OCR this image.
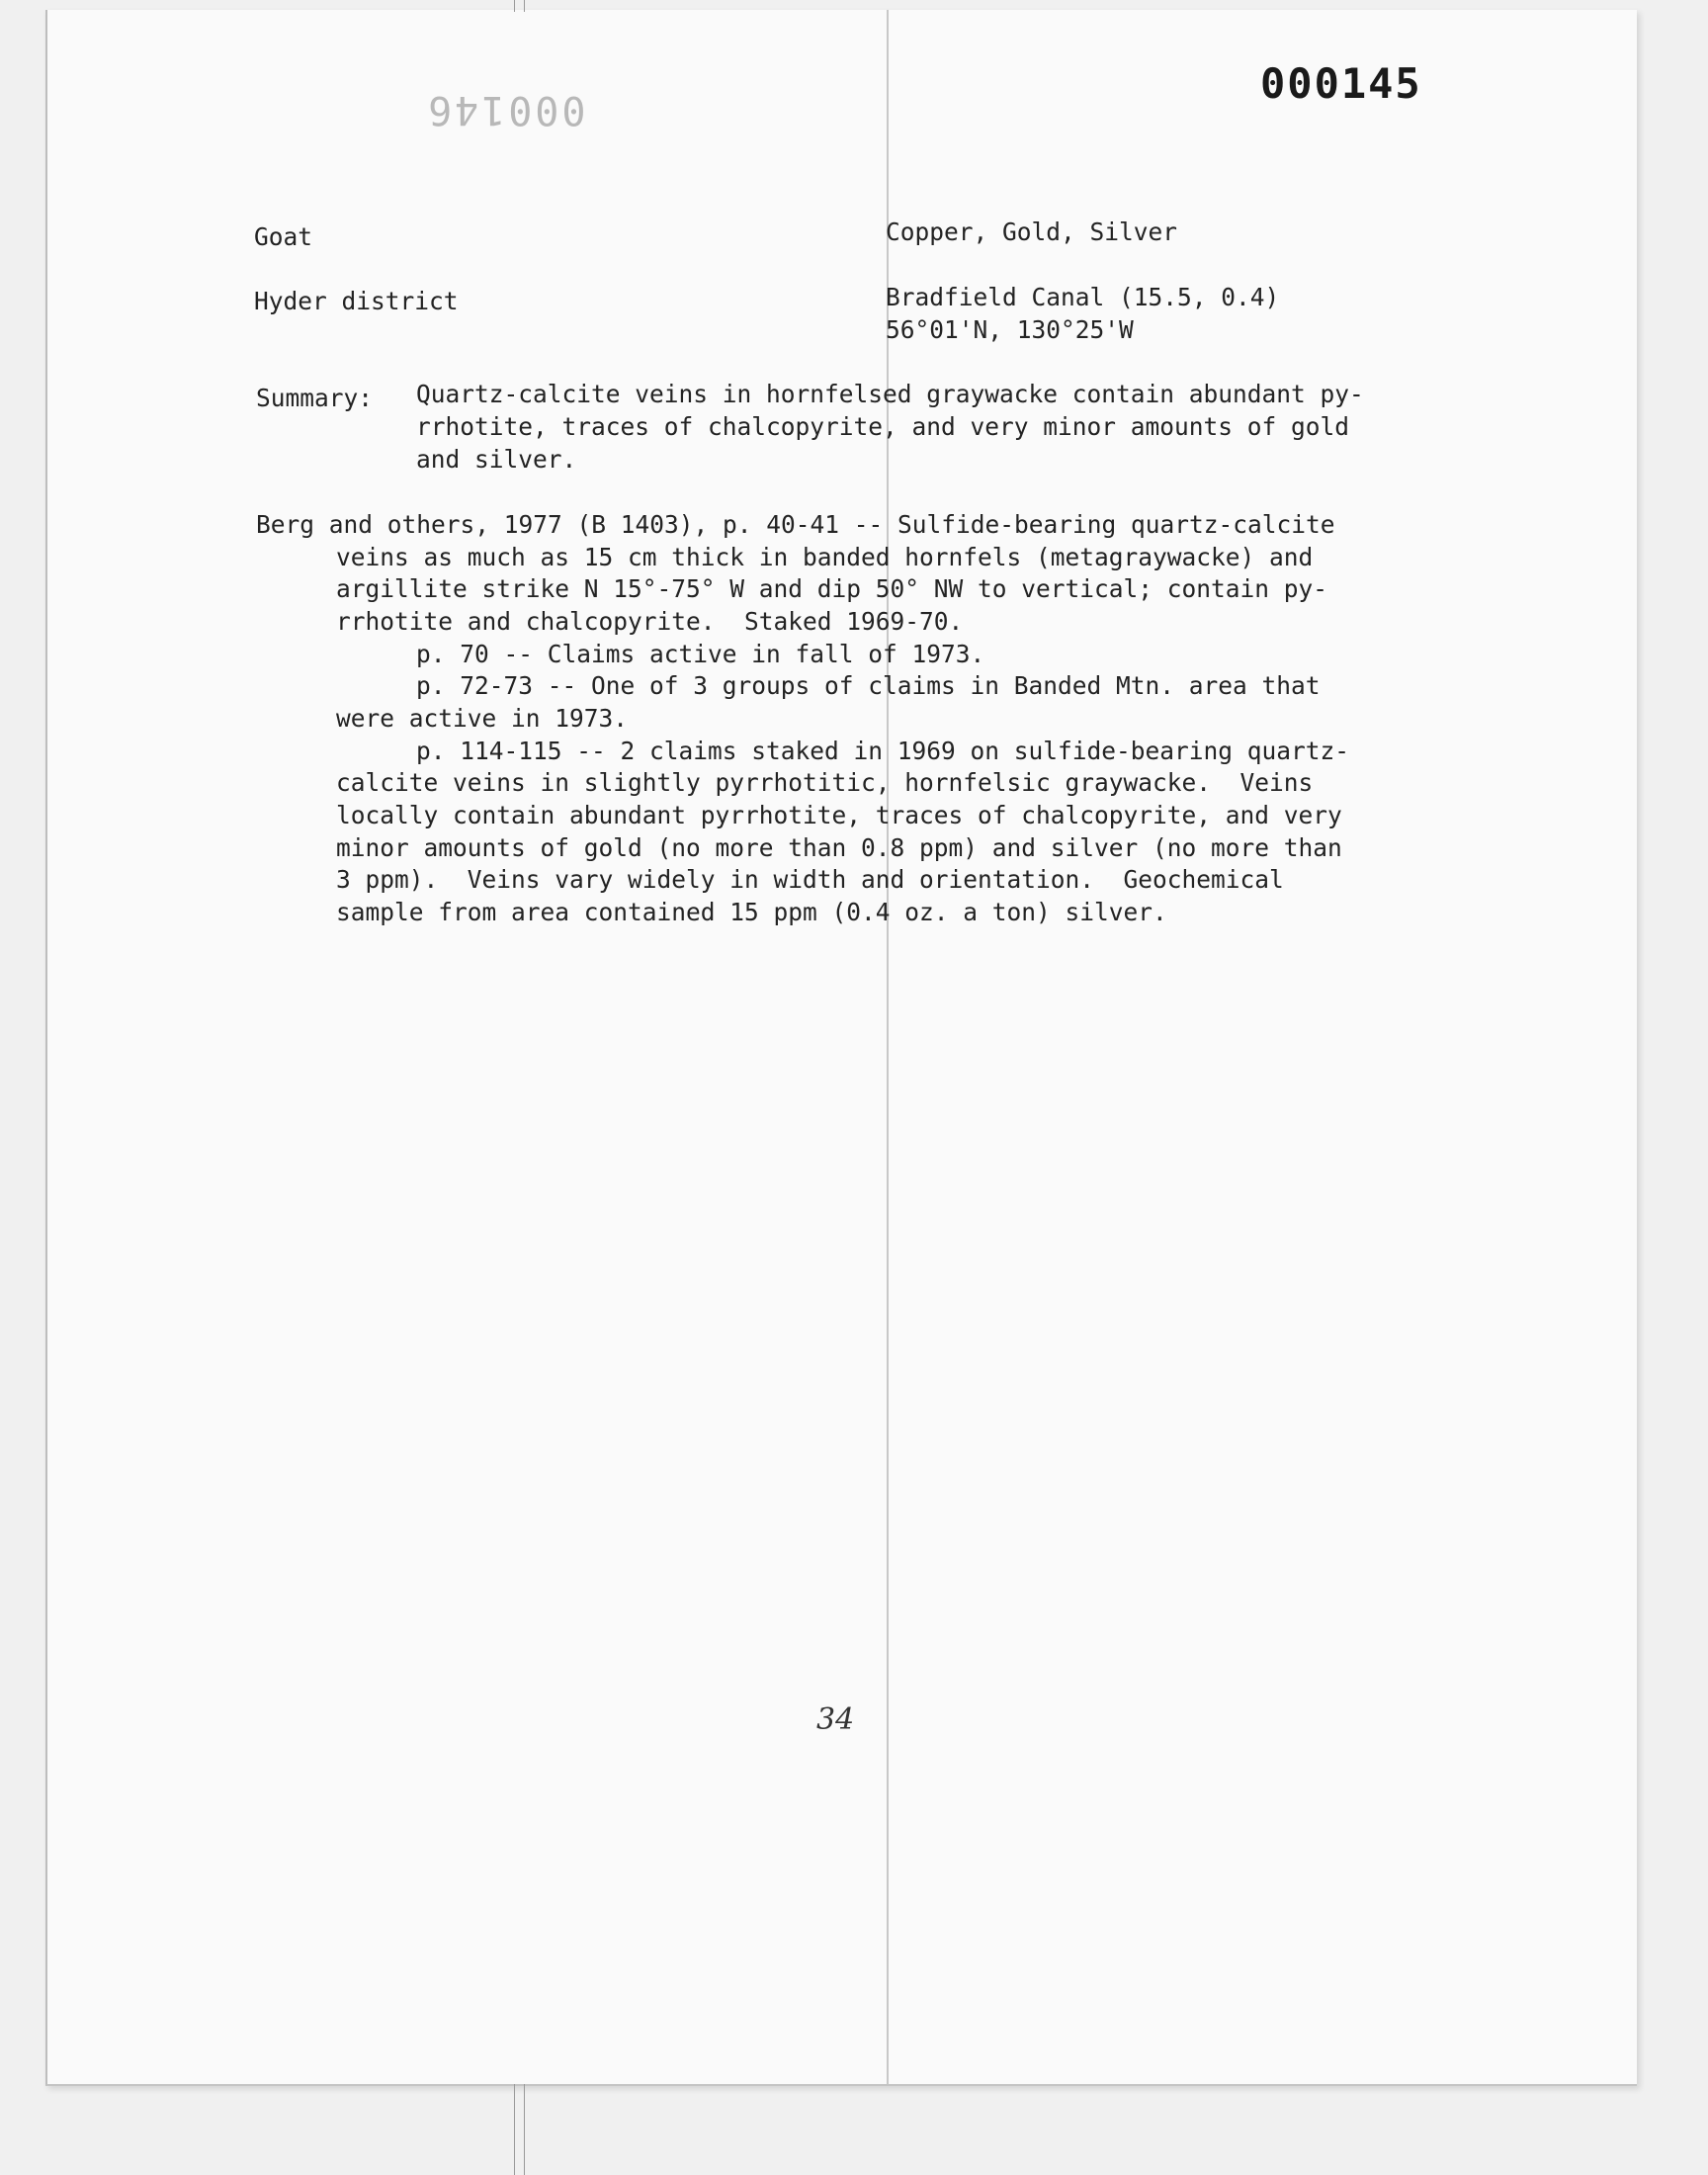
000145
000146
Goat	Copper, Gold, Silver
Hyder district	Bradfield Canal (15.5, 0.4)
56°01'N, 130°25'W
Summary: Quartz-calcite veins in hornfelsed graywacke contain abundant py-
rrhotite, traces of chalcopyrite, and very minor amounts of gold
and silver.
Berg and others, 1977 (B 1403), p. 40-41 -- Sulfide-bearing quartz-calcite
veins as much as 15 cm thick in banded hornfels (metagraywacke) and
argillite strike N 15°-75° W and dip 50° NW to vertical; contain py-
rrhotite and chalcopyrite.  Staked 1969-70.
p. 70 -- Claims active in fall of 1973.
p. 72-73 -- One of 3 groups of claims in Banded Mtn. area that
were active in 1973.
p. 114-115 -- 2 claims staked in 1969 on sulfide-bearing quartz-
calcite veins in slightly pyrrhotitic, hornfelsic graywacke.  Veins
locally contain abundant pyrrhotite, traces of chalcopyrite, and very
minor amounts of gold (no more than 0.8 ppm) and silver (no more than
3 ppm).  Veins vary widely in width and orientation.  Geochemical
sample from area contained 15 ppm (0.4 oz. a ton) silver.
34
